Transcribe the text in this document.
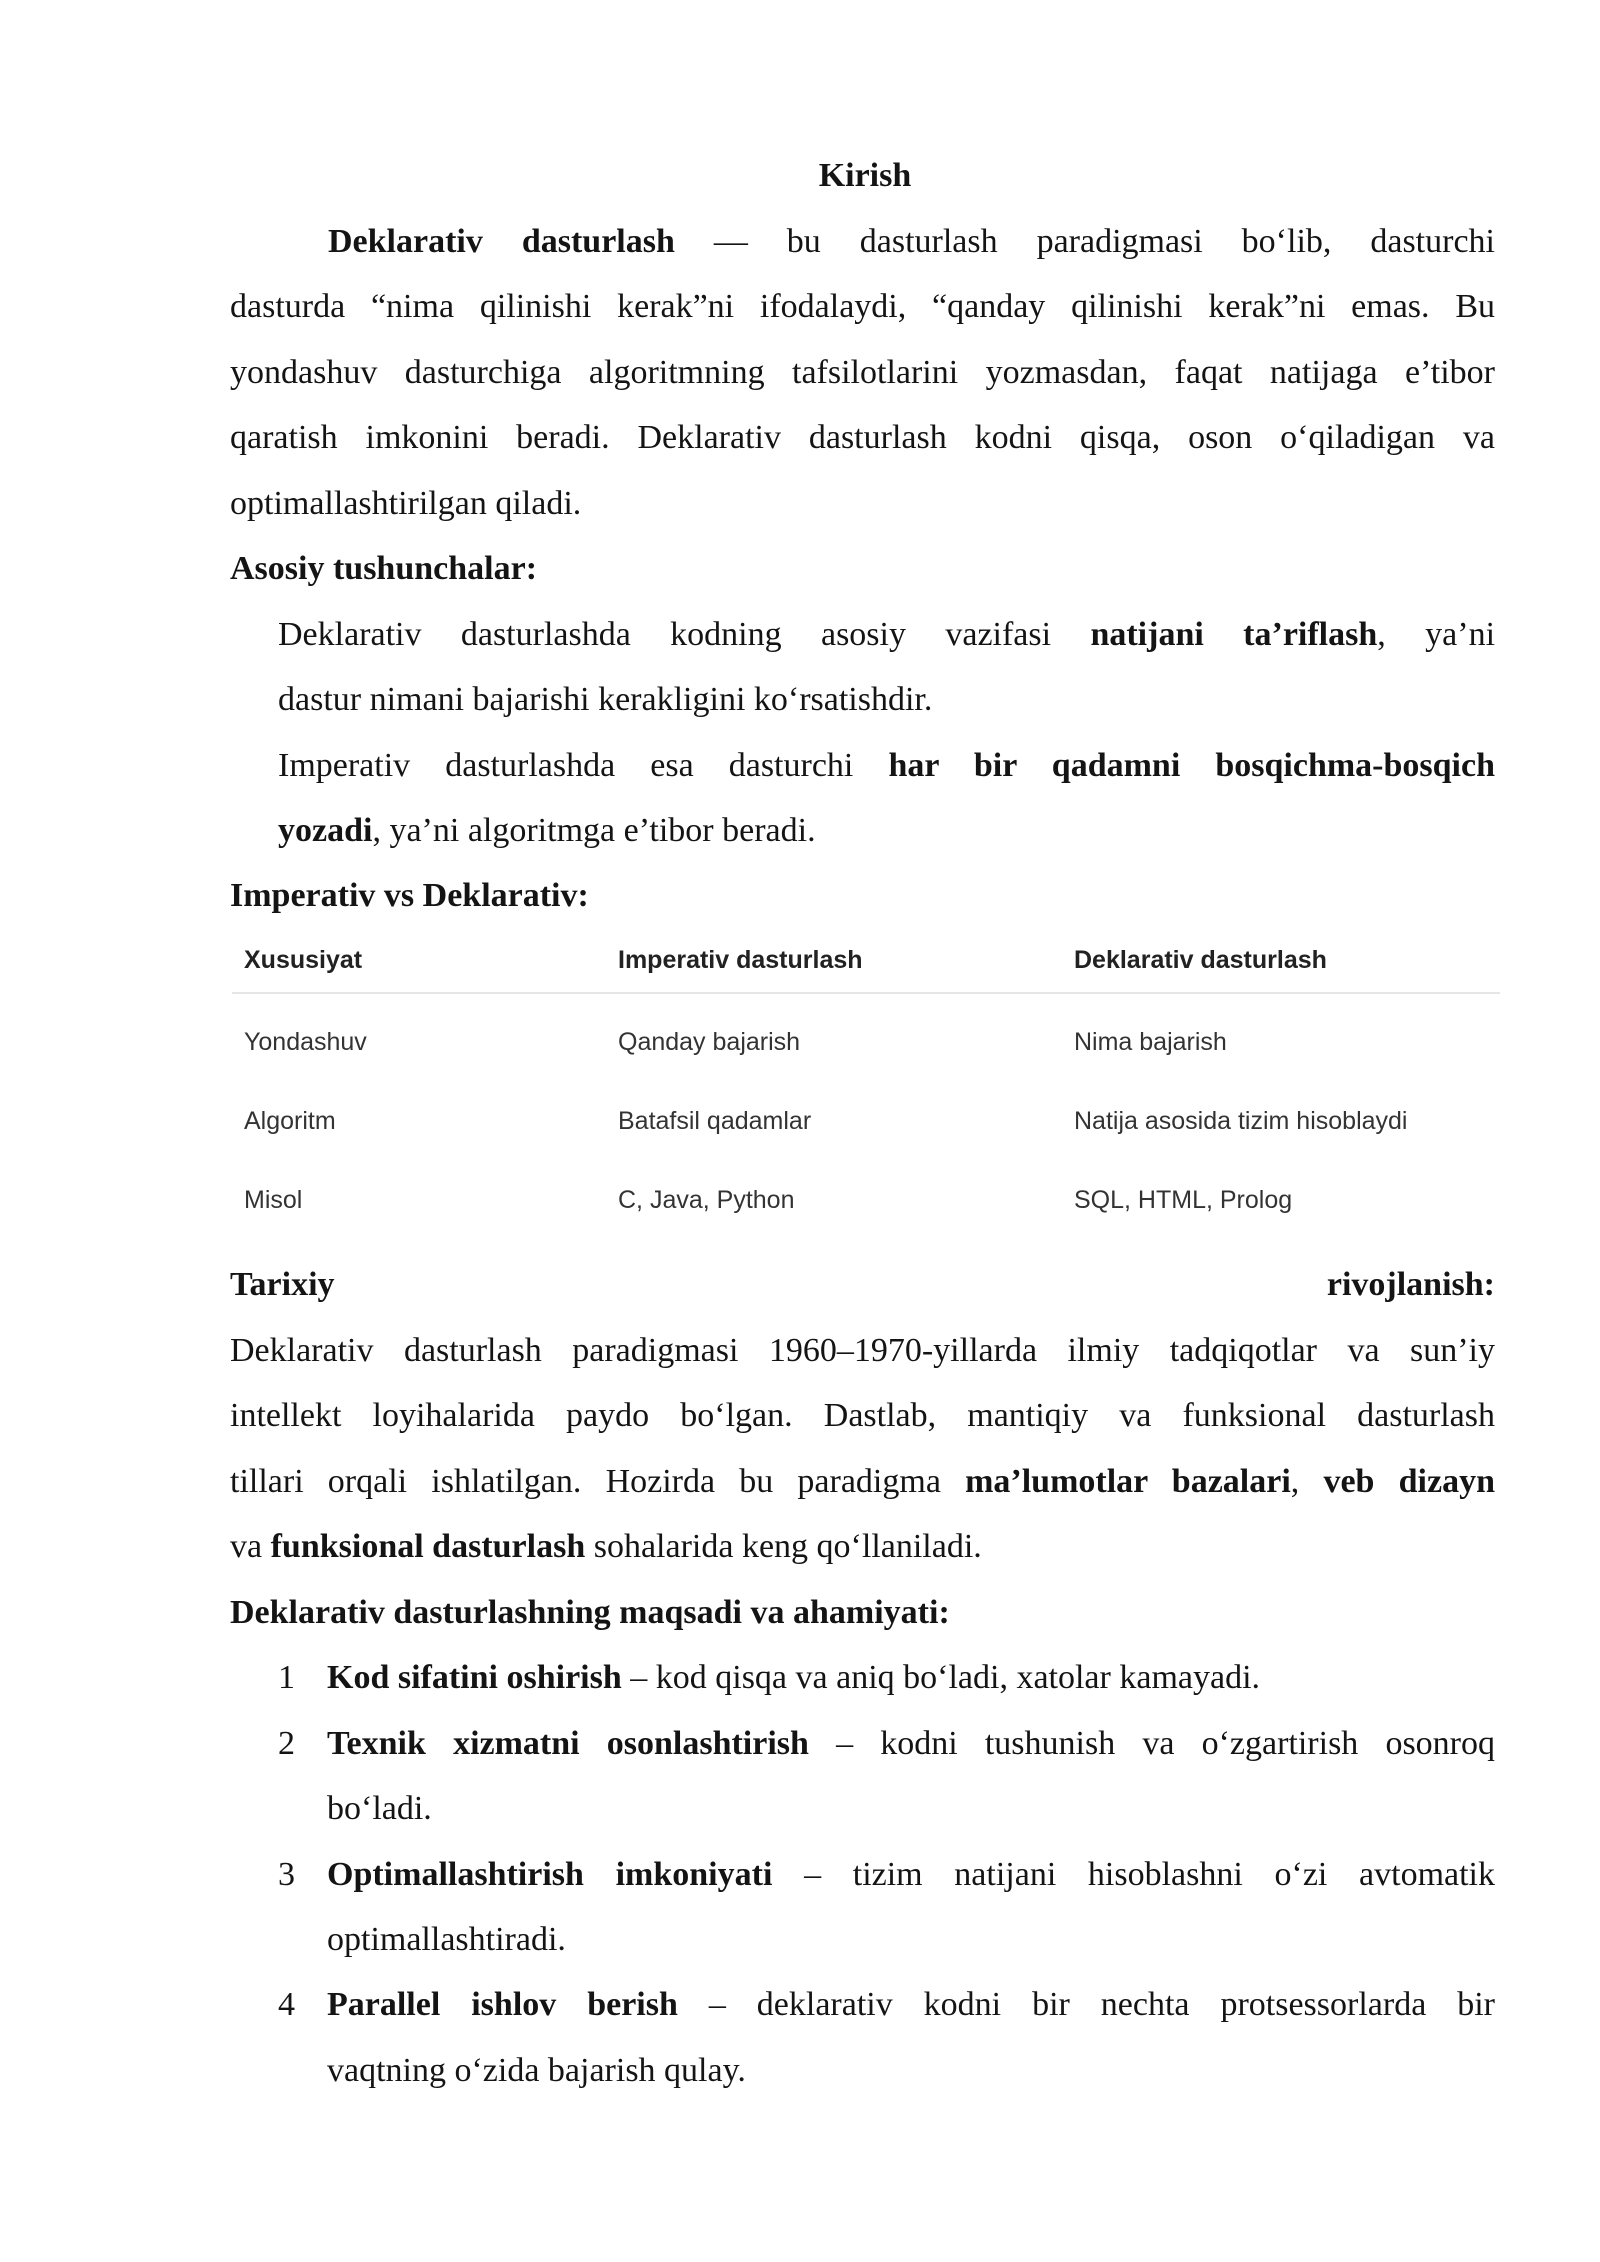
Kirish
Deklarativ dasturlash — bu dasturlash paradigmasi bo‘lib, dasturchi
dasturda “nima qilinishi kerak”ni ifodalaydi, “qanday qilinishi kerak”ni emas. Bu
yondashuv dasturchiga algoritmning tafsilotlarini yozmasdan, faqat natijaga e’tibor
qaratish imkonini beradi. Deklarativ dasturlash kodni qisqa, oson o‘qiladigan va
optimallashtirilgan qiladi.
Asosiy tushunchalar:
Deklarativ dasturlashda kodning asosiy vazifasi natijani ta’riflash, ya’ni
dastur nimani bajarishi kerakligini ko‘rsatishdir.
Imperativ dasturlashda esa dasturchi har bir qadamni bosqichma-bosqich
yozadi, ya’ni algoritmga e’tibor beradi.
Imperativ vs Deklarativ:
Xususiyat	Imperativ dasturlash	Deklarativ dasturlash
Yondashuv	Qanday bajarish	Nima bajarish
Algoritm	Batafsil qadamlar	Natija asosida tizim hisoblaydi
Misol	C, Java, Python	SQL, HTML, Prolog
Tarixiy	rivojlanish:
Deklarativ dasturlash paradigmasi 1960–1970-yillarda ilmiy tadqiqotlar va sun’iy
intellekt loyihalarida paydo bo‘lgan. Dastlab, mantiqiy va funksional dasturlash
tillari orqali ishlatilgan. Hozirda bu paradigma ma’lumotlar bazalari, veb dizayn
va funksional dasturlash sohalarida keng qo‘llaniladi.
Deklarativ dasturlashning maqsadi va ahamiyati:
1 Kod sifatini oshirish – kod qisqa va aniq bo‘ladi, xatolar kamayadi.
2 Texnik xizmatni osonlashtirish – kodni tushunish va o‘zgartirish osonroq
bo‘ladi.
3 Optimallashtirish imkoniyati – tizim natijani hisoblashni o‘zi avtomatik
optimallashtiradi.
4 Parallel ishlov berish – deklarativ kodni bir nechta protsessorlarda bir
vaqtning o‘zida bajarish qulay.
